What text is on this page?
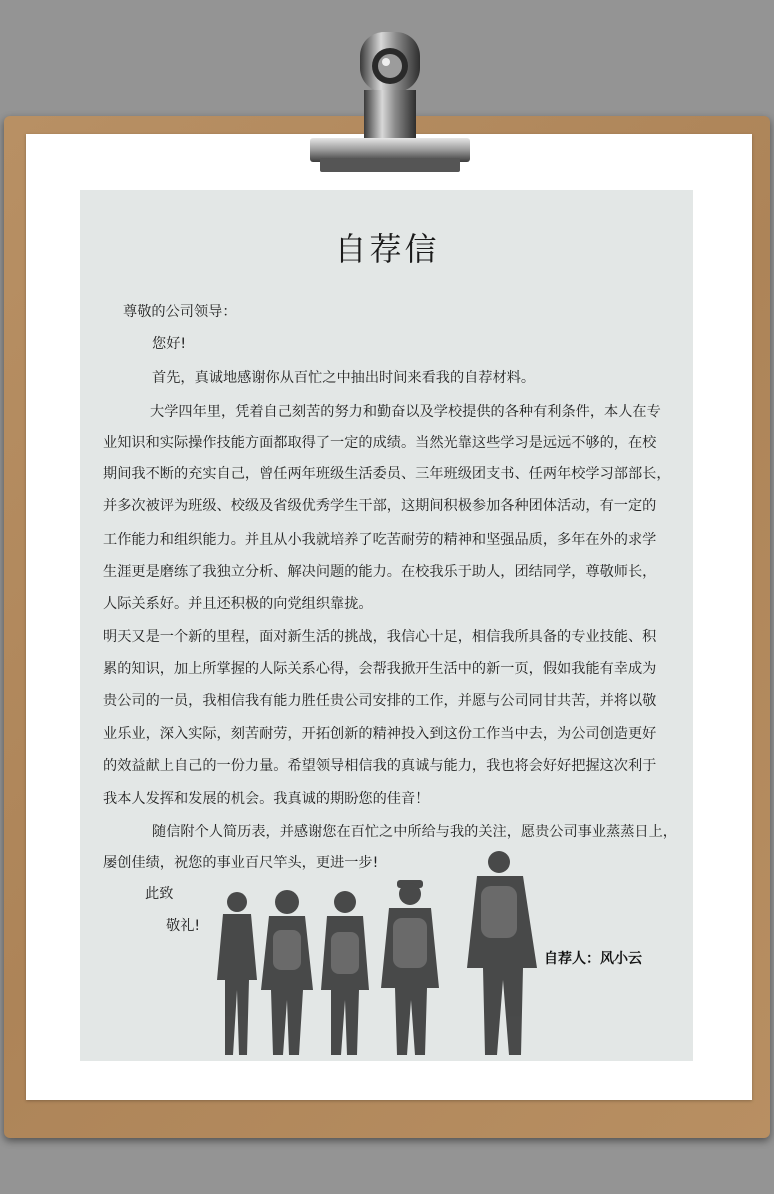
自荐信
尊敬的公司领导：
您好!
首先，真诚地感谢你从百忙之中抽出时间来看我的自荐材料。
大学四年里，凭着自己刻苦的努力和勤奋以及学校提供的各种有利条件，本人在专
业知识和实际操作技能方面都取得了一定的成绩。当然光靠这些学习是远远不够的，在校
期间我不断的充实自己，曾任两年班级生活委员、三年班级团支书、任两年校学习部部长，
并多次被评为班级、校级及省级优秀学生干部，这期间积极参加各种团体活动，有一定的
工作能力和组织能力。并且从小我就培养了吃苦耐劳的精神和坚强品质，多年在外的求学
生涯更是磨练了我独立分析、解决问题的能力。在校我乐于助人，团结同学，尊敬师长，
人际关系好。并且还积极的向党组织靠拢。
明天又是一个新的里程，面对新生活的挑战，我信心十足，相信我所具备的专业技能、积
累的知识，加上所掌握的人际关系心得，会帮我掀开生活中的新一页，假如我能有幸成为
贵公司的一员，我相信我有能力胜任贵公司安排的工作，并愿与公司同甘共苦，并将以敬
业乐业，深入实际，刻苦耐劳，开拓创新的精神投入到这份工作当中去，为公司创造更好
的效益献上自己的一份力量。希望领导相信我的真诚与能力，我也将会好好把握这次利于
我本人发挥和发展的机会。我真诚的期盼您的佳音！
随信附个人简历表，并感谢您在百忙之中所给与我的关注，愿贵公司事业蒸蒸日上，
屡创佳绩，祝您的事业百尺竿头，更进一步!
此致
敬礼!
自荐人：风小云
